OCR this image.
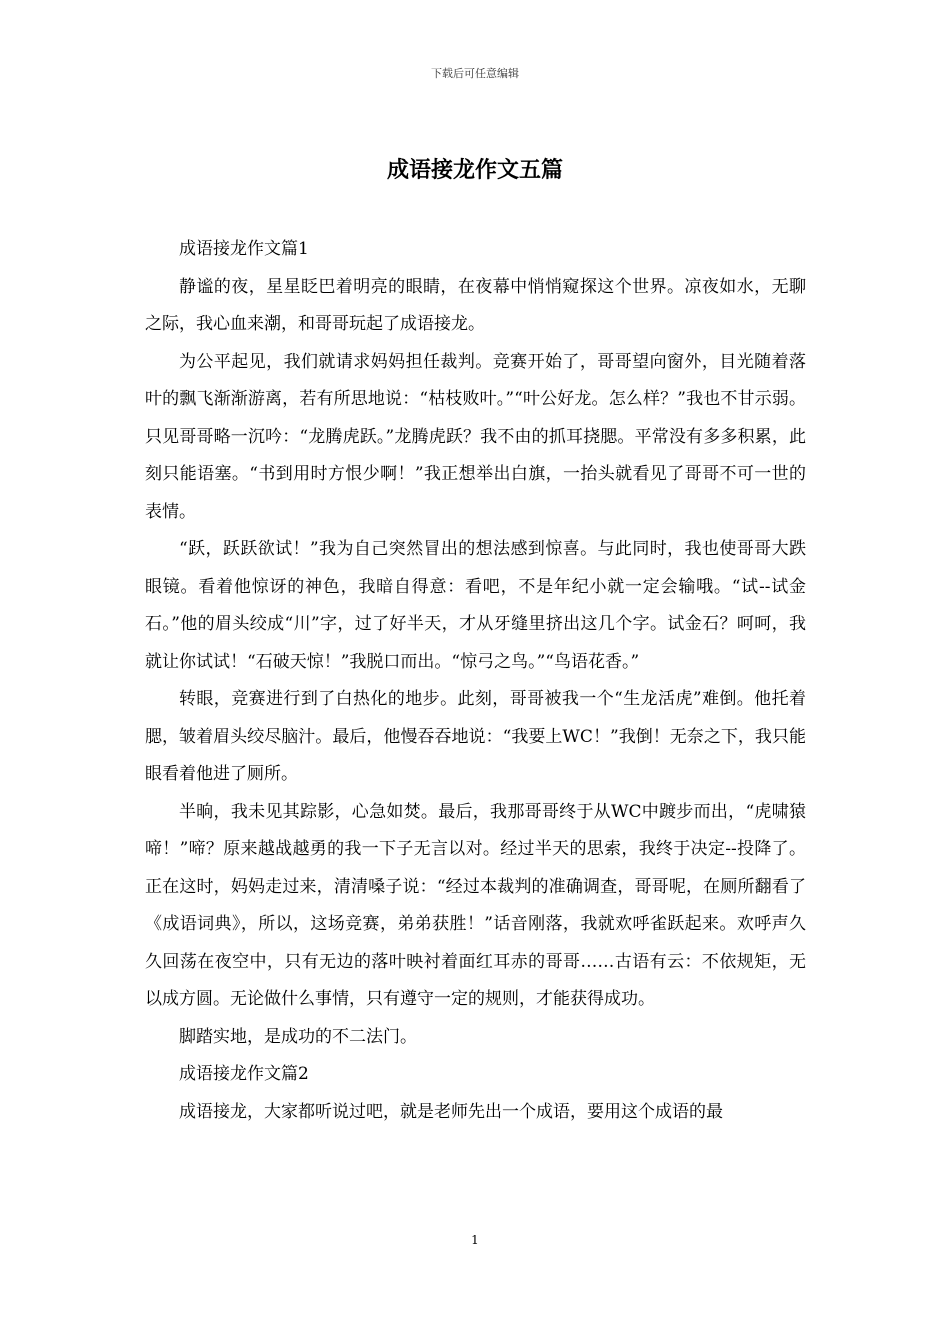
下载后可任意编辑
成语接龙作文五篇

成语接龙作文篇1

静谧的夜，星星眨巴着明亮的眼睛，在夜幕中悄悄窥探这个世界。凉夜如水，无聊之际，我心血来潮，和哥哥玩起了成语接龙。

为公平起见，我们就请求妈妈担任裁判。竞赛开始了，哥哥望向窗外，目光随着落叶的飘飞渐渐游离，若有所思地说：“枯枝败叶。”“叶公好龙。怎么样？”我也不甘示弱。只见哥哥略一沉吟：“龙腾虎跃。”龙腾虎跃？我不由的抓耳挠腮。平常没有多多积累，此刻只能语塞。“书到用时方恨少啊！”我正想举出白旗，一抬头就看见了哥哥不可一世的表情。

“跃，跃跃欲试！”我为自己突然冒出的想法感到惊喜。与此同时，我也使哥哥大跌眼镜。看着他惊讶的神色，我暗自得意：看吧，不是年纪小就一定会输哦。“试--试金石。”他的眉头绞成“川”字，过了好半天，才从牙缝里挤出这几个字。试金石？呵呵，我就让你试试！“石破天惊！”我脱口而出。“惊弓之鸟。”“鸟语花香。”

转眼，竞赛进行到了白热化的地步。此刻，哥哥被我一个“生龙活虎”难倒。他托着腮，皱着眉头绞尽脑汁。最后，他慢吞吞地说：“我要上WC！”我倒！无奈之下，我只能眼看着他进了厕所。

半晌，我未见其踪影，心急如焚。最后，我那哥哥终于从WC中踱步而出，“虎啸猿啼！”啼？原来越战越勇的我一下子无言以对。经过半天的思索，我终于决定--投降了。正在这时，妈妈走过来，清清嗓子说：“经过本裁判的准确调查，哥哥呢，在厕所翻看了《成语词典》，所以，这场竞赛，弟弟获胜！”话音刚落，我就欢呼雀跃起来。欢呼声久久回荡在夜空中，只有无边的落叶映衬着面红耳赤的哥哥……古语有云：不依规矩，无以成方圆。无论做什么事情，只有遵守一定的规则，才能获得成功。

脚踏实地，是成功的不二法门。

成语接龙作文篇2

成语接龙，大家都听说过吧，就是老师先出一个成语，要用这个成语的最

1
